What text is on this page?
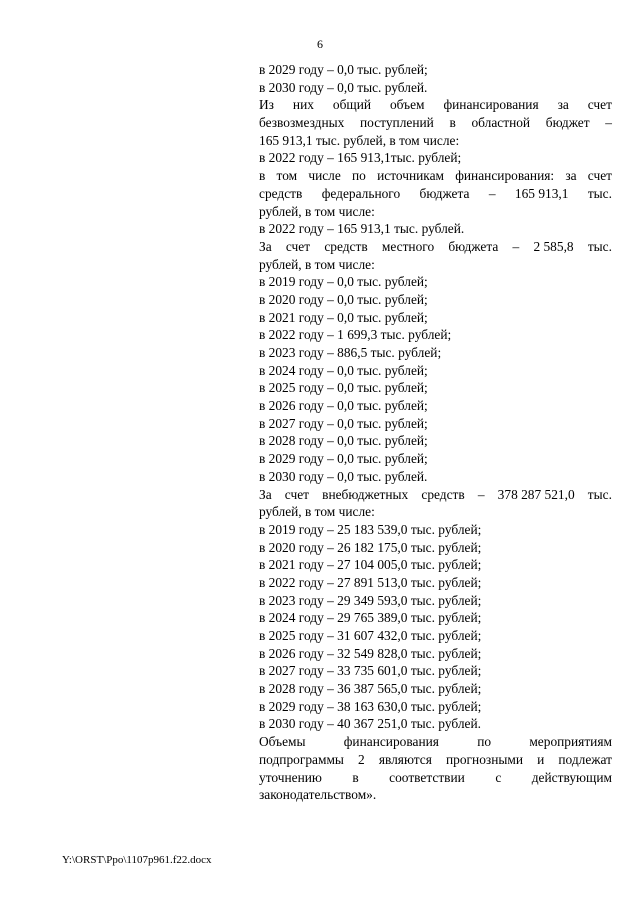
6
в 2029 году – 0,0 тыс. рублей;
в 2030 году – 0,0 тыс. рублей.
Из них общий объем финансирования за счет
безвозмездных поступлений в областной бюджет –
165 913,1 тыс. рублей, в том числе:
в 2022 году – 165 913,1тыс. рублей;
в том числе по источникам финансирования: за счет
средств федерального бюджета – 165 913,1 тыс.
рублей, в том числе:
в 2022 году – 165 913,1 тыс. рублей.
За счет средств местного бюджета – 2 585,8 тыс.
рублей, в том числе:
в 2019 году – 0,0 тыс. рублей;
в 2020 году – 0,0 тыс. рублей;
в 2021 году – 0,0 тыс. рублей;
в 2022 году – 1 699,3 тыс. рублей;
в 2023 году – 886,5 тыс. рублей;
в 2024 году – 0,0 тыс. рублей;
в 2025 году – 0,0 тыс. рублей;
в 2026 году – 0,0 тыс. рублей;
в 2027 году – 0,0 тыс. рублей;
в 2028 году – 0,0 тыс. рублей;
в 2029 году – 0,0 тыс. рублей;
в 2030 году – 0,0 тыс. рублей.
За счет внебюджетных средств – 378 287 521,0 тыс.
рублей, в том числе:
в 2019 году – 25 183 539,0 тыс. рублей;
в 2020 году – 26 182 175,0 тыс. рублей;
в 2021 году – 27 104 005,0 тыс. рублей;
в 2022 году – 27 891 513,0 тыс. рублей;
в 2023 году – 29 349 593,0 тыс. рублей;
в 2024 году – 29 765 389,0 тыс. рублей;
в 2025 году – 31 607 432,0 тыс. рублей;
в 2026 году – 32 549 828,0 тыс. рублей;
в 2027 году – 33 735 601,0 тыс. рублей;
в 2028 году – 36 387 565,0 тыс. рублей;
в 2029 году – 38 163 630,0 тыс. рублей;
в 2030 году – 40 367 251,0 тыс. рублей.
Объемы	финансирования	по	мероприятиям
подпрограммы 2 являются прогнозными и подлежат
уточнению в соответствии с действующим
законодательством».
Y:\ORST\Ppo\1107p961.f22.docx
